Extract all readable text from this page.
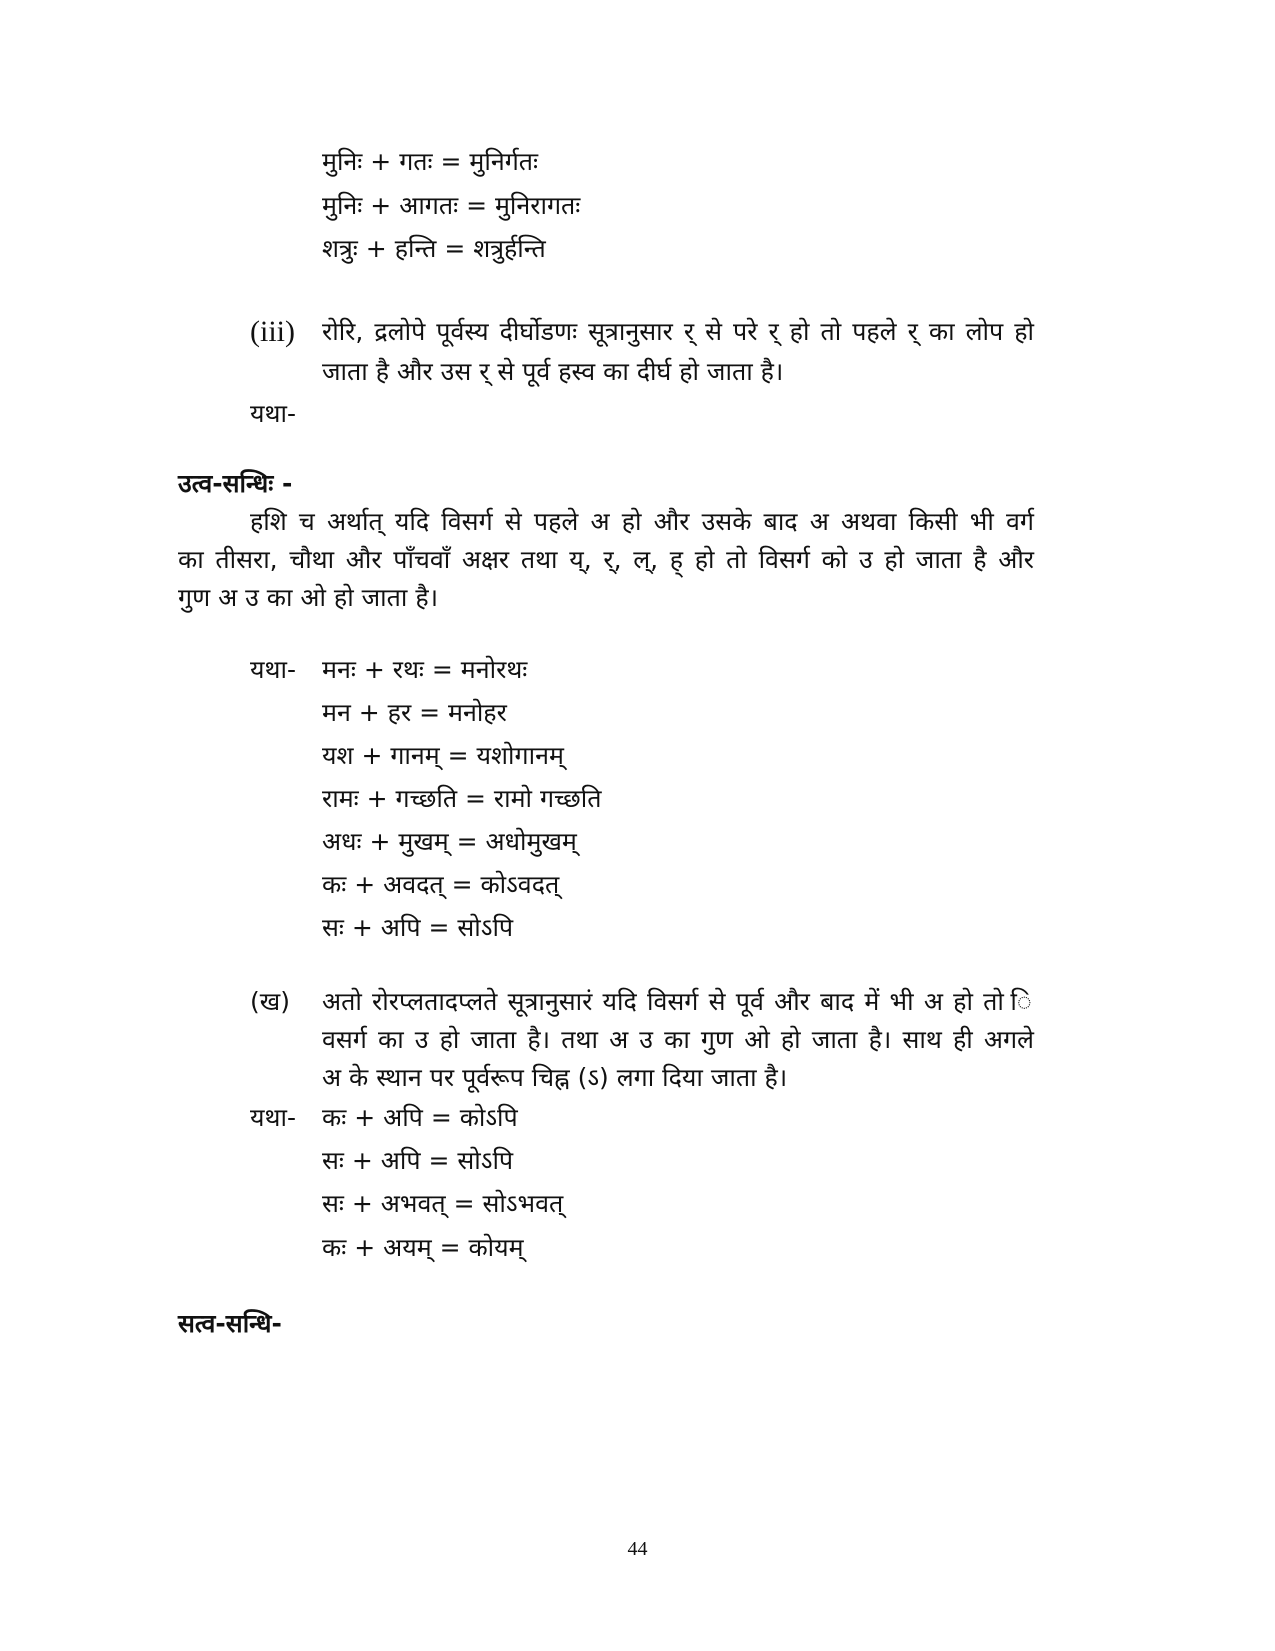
मुनिः + गतः = मुनिर्गतः
मुनिः + आगतः = मुनिरागतः
शत्रुः + हन्ति = शत्रुर्हन्ति
(iii) रोरि, द्रलोपे पूर्वस्य दीर्घोडणः सूत्रानुसार र् से परे र् हो तो पहले र् का लोप हो
जाता है और उस र् से पूर्व हस्व का दीर्घ हो जाता है।
यथा-
उत्व-सन्धिः -
हशि च अर्थात् यदि विसर्ग से पहले अ हो और उसके बाद अ अथवा किसी भी वर्ग
का तीसरा, चौथा और पाँचवाँ अक्षर तथा य्, र्, ल्, ह् हो तो विसर्ग को उ हो जाता है और
गुण अ उ का ओ हो जाता है।
यथा- मनः + रथः = मनोरथः
मन + हर = मनोहर
यश + गानम् = यशोगानम्
रामः + गच्छति = रामो गच्छति
अधः + मुखम् = अधोमुखम्
कः + अवदत् = कोऽवदत्
सः + अपि = सोऽपि
(ख) अतो रोरप्लतादप्लते सूत्रानुसारं यदि विसर्ग से पूर्व और बाद में भी अ हो तो ि
वसर्ग का उ हो जाता है। तथा अ उ का गुण ओ हो जाता है। साथ ही अगले
अ के स्थान पर पूर्वरूप चिह्न (ऽ) लगा दिया जाता है।
यथा- कः + अपि = कोऽपि
सः + अपि = सोऽपि
सः + अभवत् = सोऽभवत्
कः + अयम् = कोयम्
सत्व-सन्धि-
44
